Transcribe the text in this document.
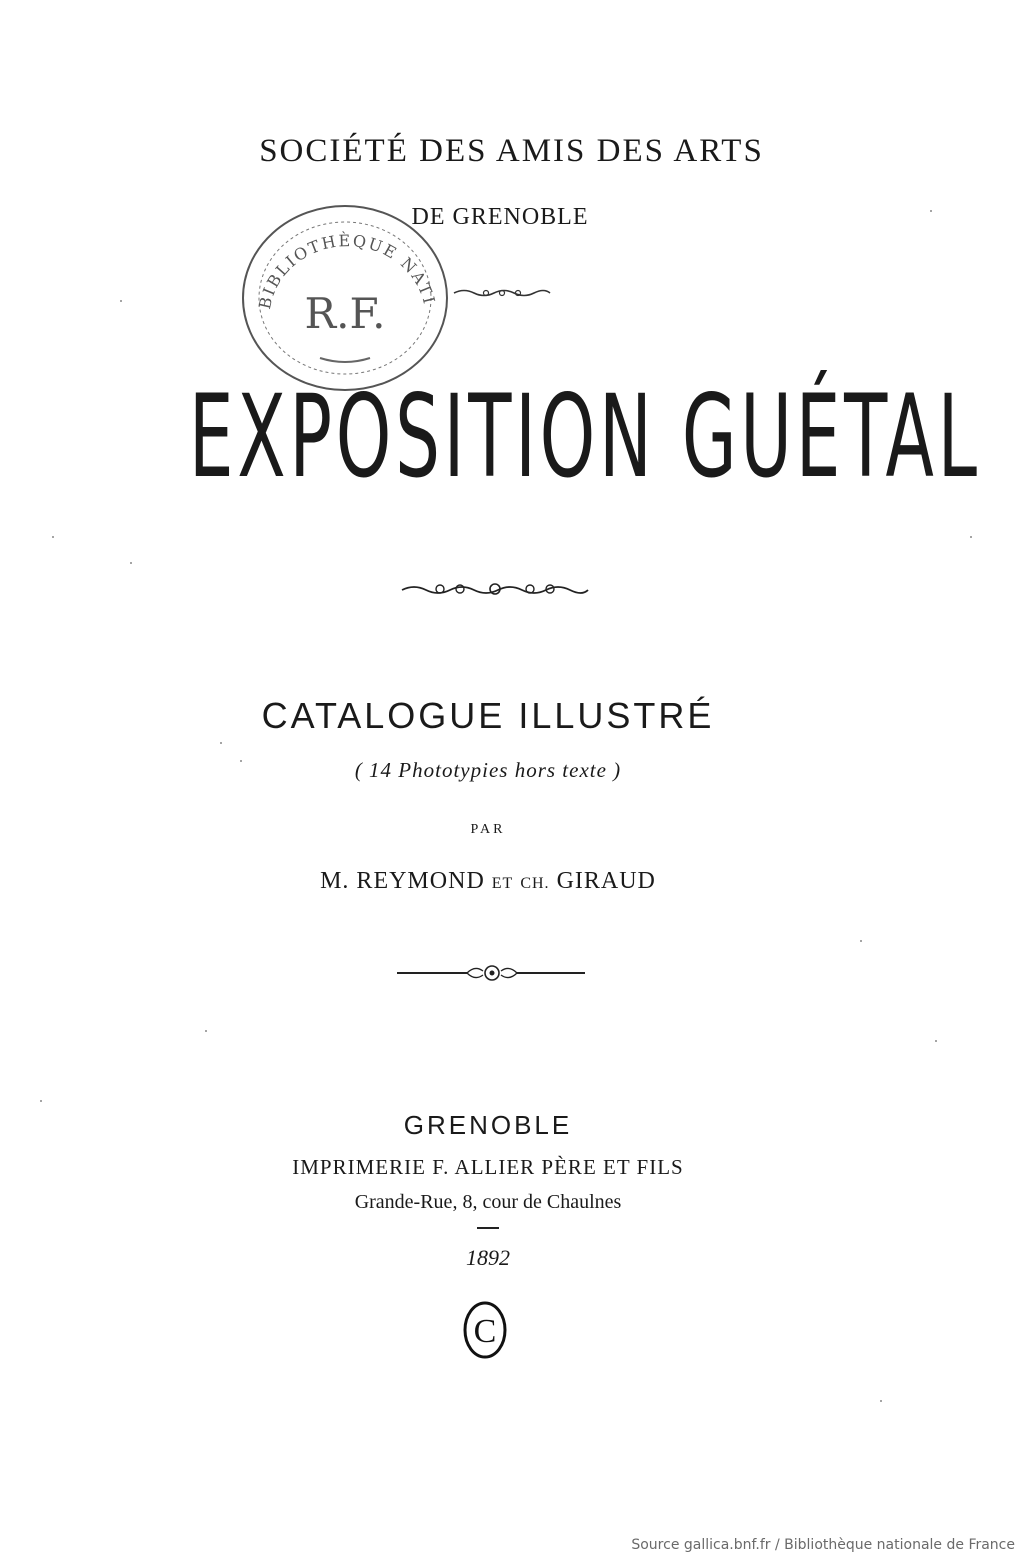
SOCIÉTÉ DES AMIS DES ARTS
DE GRENOBLE
BIBLIOTHÈQUE NATIONALE
R.F.
EXPOSITION GUÉTAL
CATALOGUE ILLUSTRÉ
( 14 Phototypies hors texte )
PAR
M. REYMOND ET CH. GIRAUD
GRENOBLE
IMPRIMERIE F. ALLIER PÈRE ET FILS
Grande-Rue, 8, cour de Chaulnes
1892
C
Source gallica.bnf.fr / Bibliothèque nationale de France
